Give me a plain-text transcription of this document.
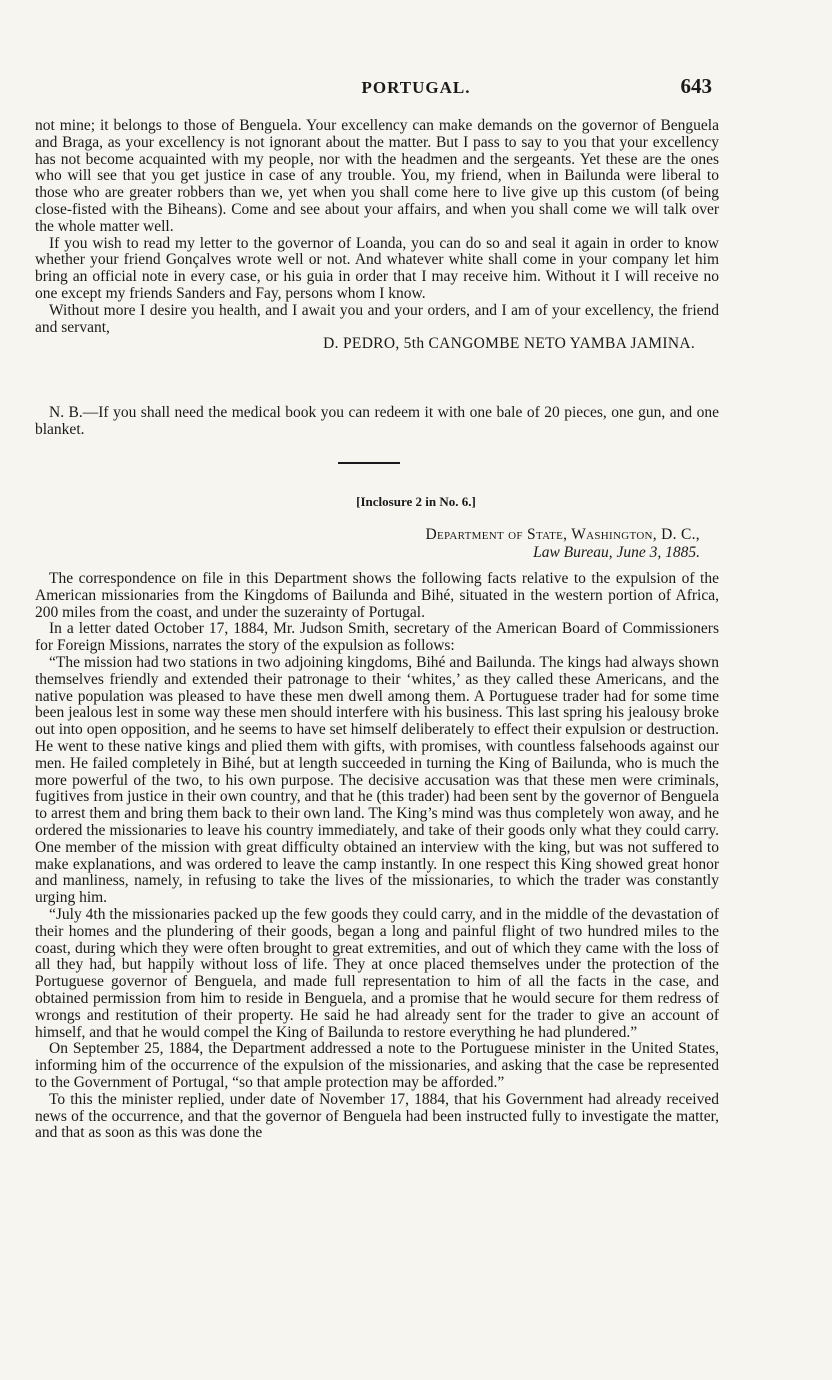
PORTUGAL.	643

not mine; it belongs to those of Benguela. Your excellency can make demands on the governor of Benguela and Braga, as your excellency is not ignorant about the matter. But I pass to say to you that your excellency has not become acquainted with my people, nor with the headmen and the sergeants. Yet these are the ones who will see that you get justice in case of any trouble. You, my friend, when in Bailunda were liberal to those who are greater robbers than we, yet when you shall come here to live give up this custom (of being close-fisted with the Biheans). Come and see about your affairs, and when you shall come we will talk over the whole matter well.

If you wish to read my letter to the governor of Loanda, you can do so and seal it again in order to know whether your friend Gonçalves wrote well or not. And whatever white shall come in your company let him bring an official note in every case, or his guia in order that I may receive him. Without it I will receive no one except my friends Sanders and Fay, persons whom I know.

Without more I desire you health, and I await you and your orders, and I am of your excellency, the friend and servant,

D. PEDRO, 5th CANGOMBE NETO YAMBA JAMINA.

N. B.—If you shall need the medical book you can redeem it with one bale of 20 pieces, one gun, and one blanket.

[Inclosure 2 in No. 6.]
Department of State, Washington, D. C.,
Law Bureau, June 3, 1885.

The correspondence on file in this Department shows the following facts relative to the expulsion of the American missionaries from the Kingdoms of Bailunda and Bihé, situated in the western portion of Africa, 200 miles from the coast, and under the suzerainty of Portugal.

In a letter dated October 17, 1884, Mr. Judson Smith, secretary of the American Board of Commissioners for Foreign Missions, narrates the story of the expulsion as follows:

“The mission had two stations in two adjoining kingdoms, Bihé and Bailunda. The kings had always shown themselves friendly and extended their patronage to their ‘whites,’ as they called these Americans, and the native population was pleased to have these men dwell among them. A Portuguese trader had for some time been jealous lest in some way these men should interfere with his business. This last spring his jealousy broke out into open opposition, and he seems to have set himself deliberately to effect their expulsion or destruction. He went to these native kings and plied them with gifts, with promises, with countless falsehoods against our men. He failed completely in Bihé, but at length succeeded in turning the King of Bailunda, who is much the more powerful of the two, to his own purpose. The decisive accusation was that these men were criminals, fugitives from justice in their own country, and that he (this trader) had been sent by the governor of Benguela to arrest them and bring them back to their own land. The King’s mind was thus completely won away, and he ordered the missionaries to leave his country immediately, and take of their goods only what they could carry. One member of the mission with great difficulty obtained an interview with the king, but was not suffered to make explanations, and was ordered to leave the camp instantly. In one respect this King showed great honor and manliness, namely, in refusing to take the lives of the missionaries, to which the trader was constantly urging him.

“July 4th the missionaries packed up the few goods they could carry, and in the middle of the devastation of their homes and the plundering of their goods, began a long and painful flight of two hundred miles to the coast, during which they were often brought to great extremities, and out of which they came with the loss of all they had, but happily without loss of life. They at once placed themselves under the protection of the Portuguese governor of Benguela, and made full representation to him of all the facts in the case, and obtained permission from him to reside in Benguela, and a promise that he would secure for them redress of wrongs and restitution of their property. He said he had already sent for the trader to give an account of himself, and that he would compel the King of Bailunda to restore everything he had plundered.”

On September 25, 1884, the Department addressed a note to the Portuguese minister in the United States, informing him of the occurrence of the expulsion of the missionaries, and asking that the case be represented to the Government of Portugal, “so that ample protection may be afforded.”

To this the minister replied, under date of November 17, 1884, that his Government had already received news of the occurrence, and that the governor of Benguela had been instructed fully to investigate the matter, and that as soon as this was done the
